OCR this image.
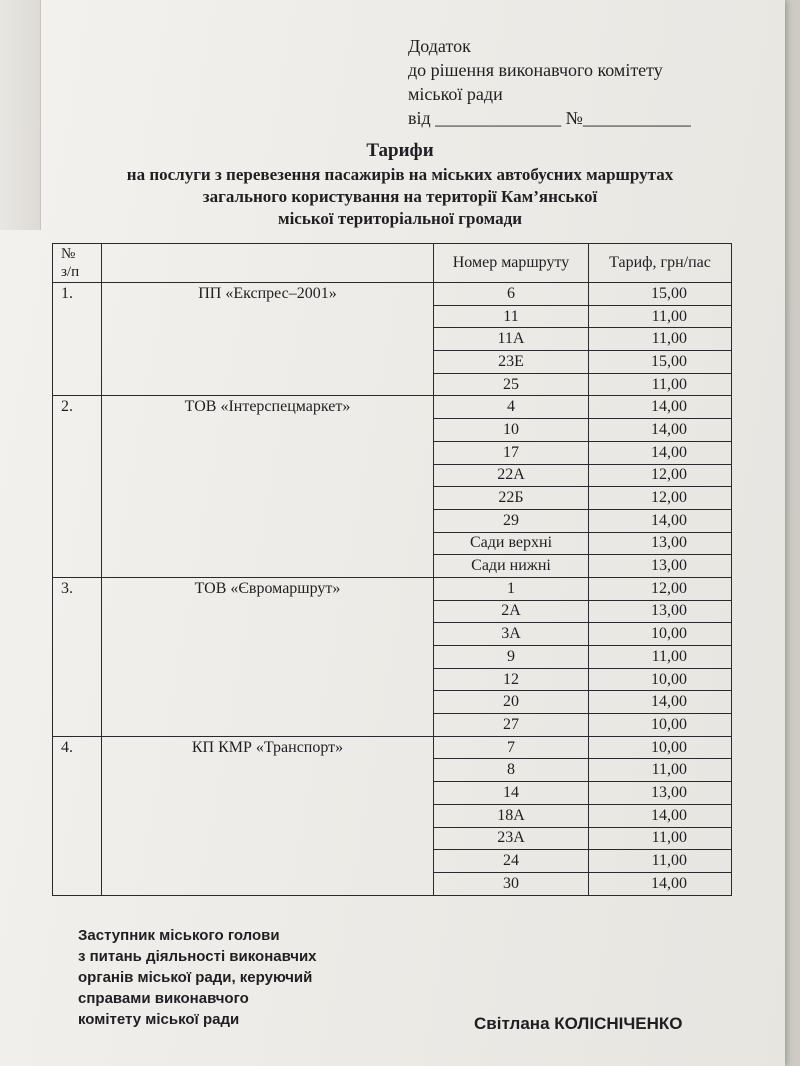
Додаток
до рішення виконавчого комітету
міської ради
від ______________ №____________
Тарифи
на послуги з перевезення пасажирів на міських автобусних маршрутах
загального користування на території Кам’янської
міської територіальної громади
№
з/п		Номер маршруту	Тариф, грн/пас
1.	ПП «Експрес–2001»	6	15,00
		11	11,00
		11А	11,00
		23Е	15,00
		25	11,00
2.	ТОВ «Інтерспецмаркет»	4	14,00
		10	14,00
		17	14,00
		22А	12,00
		22Б	12,00
		29	14,00
		Сади верхні	13,00
		Сади нижні	13,00
3.	ТОВ «Євромаршрут»	1	12,00
		2А	13,00
		3А	10,00
		9	11,00
		12	10,00
		20	14,00
		27	10,00
4.	КП КМР «Транспорт»	7	10,00
		8	11,00
		14	13,00
		18А	14,00
		23А	11,00
		24	11,00
		30	14,00
Заступник міського голови
з питань діяльності виконавчих
органів міської ради, керуючий
справами виконавчого
комітету міської ради	Світлана КОЛІСНІЧЕНКО
